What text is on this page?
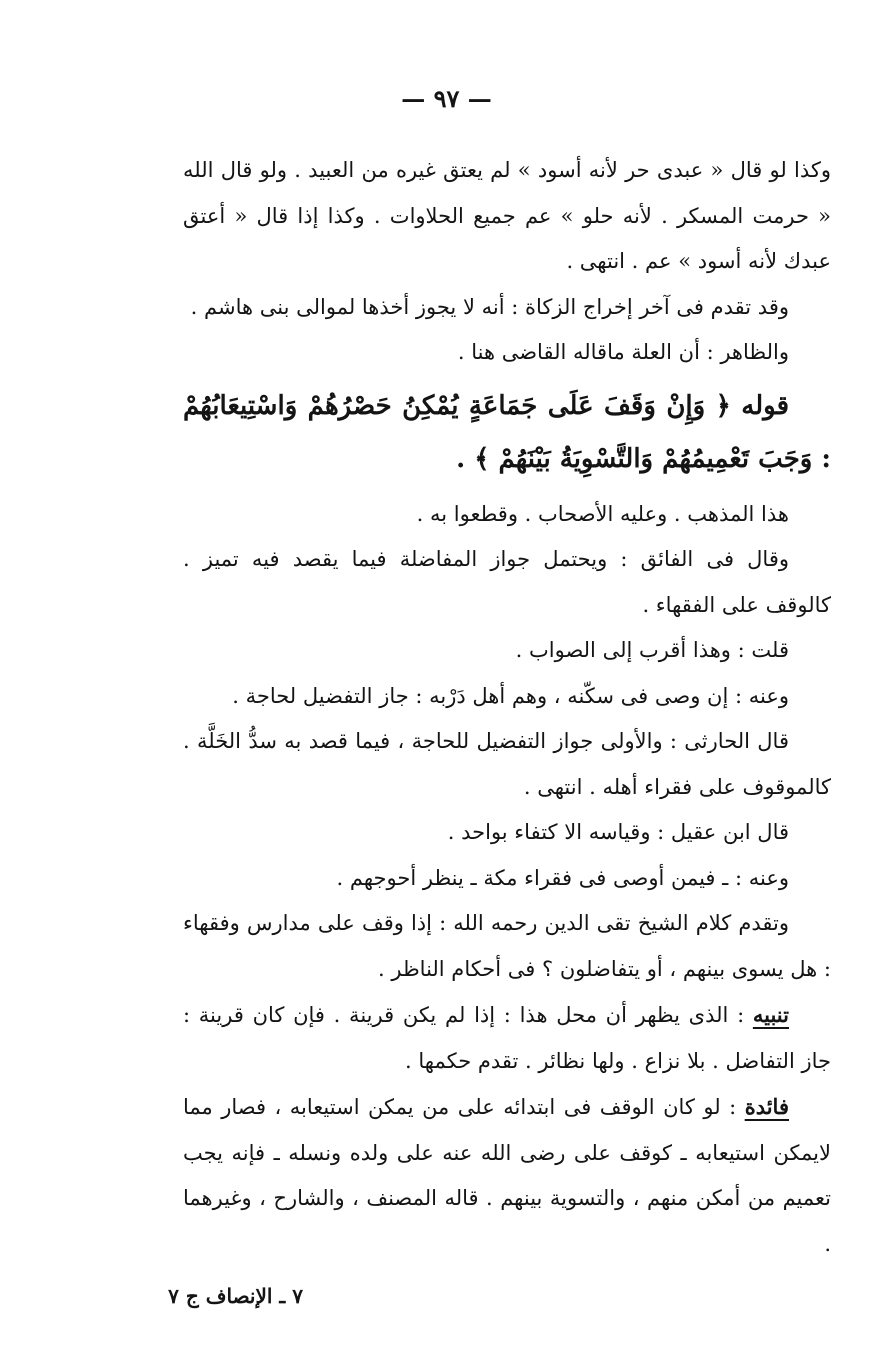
— ٩٧ —

وكذا لو قال « عبدى حر لأنه أسود » لم يعتق غيره من العبيد . ولو قال الله « حرمت المسكر . لأنه حلو » عم جميع الحلاوات . وكذا إذا قال « أعتق عبدك لأنه أسود » عم . انتهى .

وقد تقدم فى آخر إخراج الزكاة : أنه لا يجوز أخذها لموالى بنى هاشم .

والظاهر : أن العلة ماقاله القاضى هنا .

قوله ﴿ وَإِنْ وَقَفَ عَلَى جَمَاعَةٍ يُمْكِنُ حَصْرُهُمْ وَاسْتِيعَابُهُمْ : وَجَبَ تَعْمِيمُهُمْ وَالتَّسْوِيَةُ بَيْنَهُمْ ﴾ .

هذا المذهب . وعليه الأصحاب . وقطعوا به .

وقال فى الفائق : ويحتمل جواز المفاضلة فيما يقصد فيه تميز . كالوقف على الفقهاء .

قلت : وهذا أقرب إلى الصواب .

وعنه : إن وصى فى سكّنه ، وهم أهل دَرْبه : جاز التفضيل لحاجة .

قال الحارثى : والأولى جواز التفضيل للحاجة ، فيما قصد به سدُّ الخَلَّة . كالموقوف على فقراء أهله . انتهى .

قال ابن عقيل : وقياسه الا كتفاء بواحد .

وعنه : ـ فيمن أوصى فى فقراء مكة ـ ينظر أحوجهم .

وتقدم كلام الشيخ تقى الدين رحمه الله : إذا وقف على مدارس وفقهاء : هل يسوى بينهم ، أو يتفاضلون ؟ فى أحكام الناظر .

تنبيه : الذى يظهر أن محل هذا : إذا لم يكن قرينة . فإن كان قرينة : جاز التفاضل . بلا نزاع . ولها نظائر . تقدم حكمها .

فائدة : لو كان الوقف فى ابتدائه على من يمكن استيعابه ، فصار مما لايمكن استيعابه ـ كوقف على رضى الله عنه على ولده ونسله ـ فإنه يجب تعميم من أمكن منهم ، والتسوية بينهم . قاله المصنف ، والشارح ، وغيرهما .

٧ ـ الإنصاف ج ٧
